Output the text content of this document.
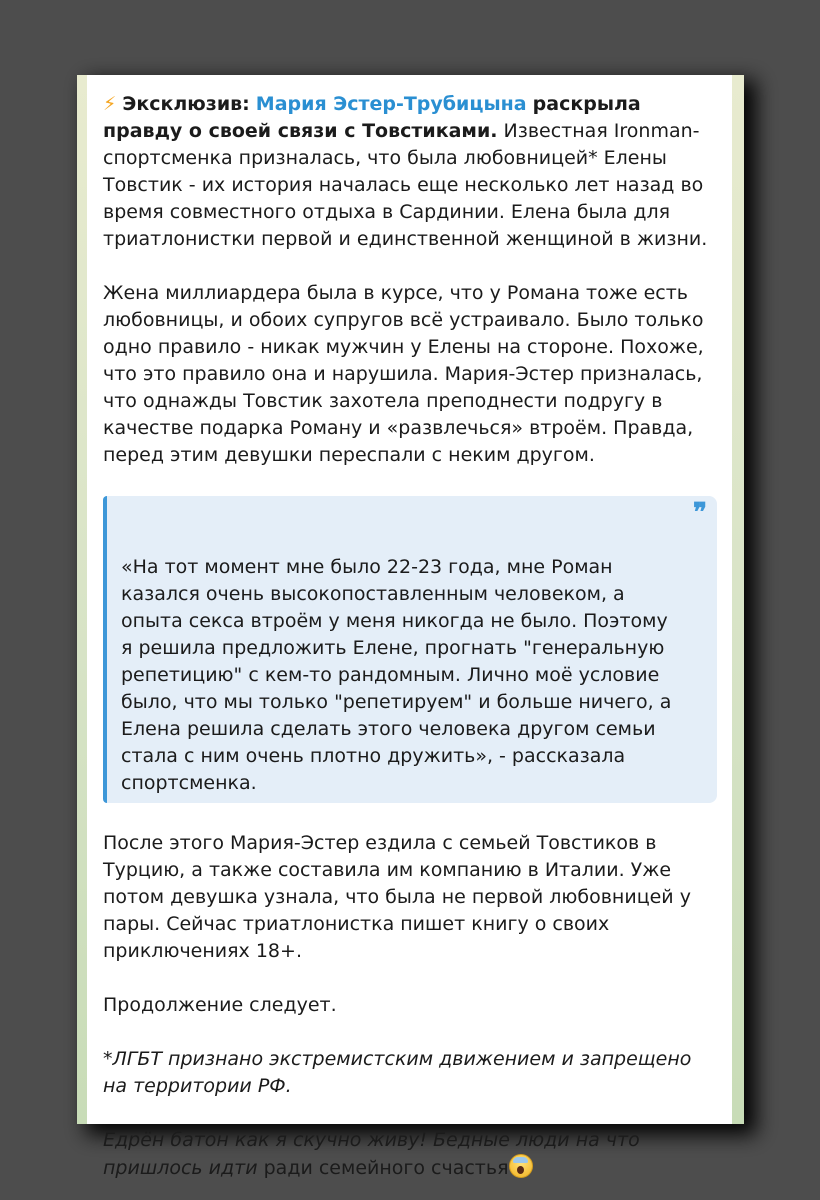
⚡ Эксклюзив: Мария Эстер-Трубицына раскрыла правду о своей связи с Товстиками. Известная Ironman-спортсменка призналась, что была любовницей* Елены Товстик - их история началась еще несколько лет назад во время совместного отдыха в Сардинии. Елена была для триатлонистки первой и единственной женщиной в жизни.

Жена миллиардера была в курсе, что у Романа тоже есть любовницы, и обоих супругов всё устраивало. Было только одно правило - никак мужчин у Елены на стороне. Похоже, что это правило она и нарушила. Мария-Эстер призналась, что однажды Товстик захотела преподнести подругу в качестве подарка Роману и «развлечься» втроём. Правда, перед этим девушки переспали с неким другом.

❞

«На тот момент мне было 22-23 года, мне Роман казался очень высокопоставленным человеком, а опыта секса втроём у меня никогда не было. Поэтому я решила предложить Елене, прогнать "генеральную репетицию" с кем-то рандомным. Лично моё условие было, что мы только "репетируем" и больше ничего, а Елена решила сделать этого человека другом семьи стала с ним очень плотно дружить», - рассказала спортсменка.

После этого Мария-Эстер ездила с семьей Товстиков в Турцию, а также составила им компанию в Италии. Уже потом девушка узнала, что была не первой любовницей у пары. Сейчас триатлонистка пишет книгу о своих приключениях 18+.

Продолжение следует.

*ЛГБТ признано экстремистским движением и запрещено на территории РФ.

Едрён батон как я скучно живу! Бедные люди на что пришлось идти ради семейного счастья
